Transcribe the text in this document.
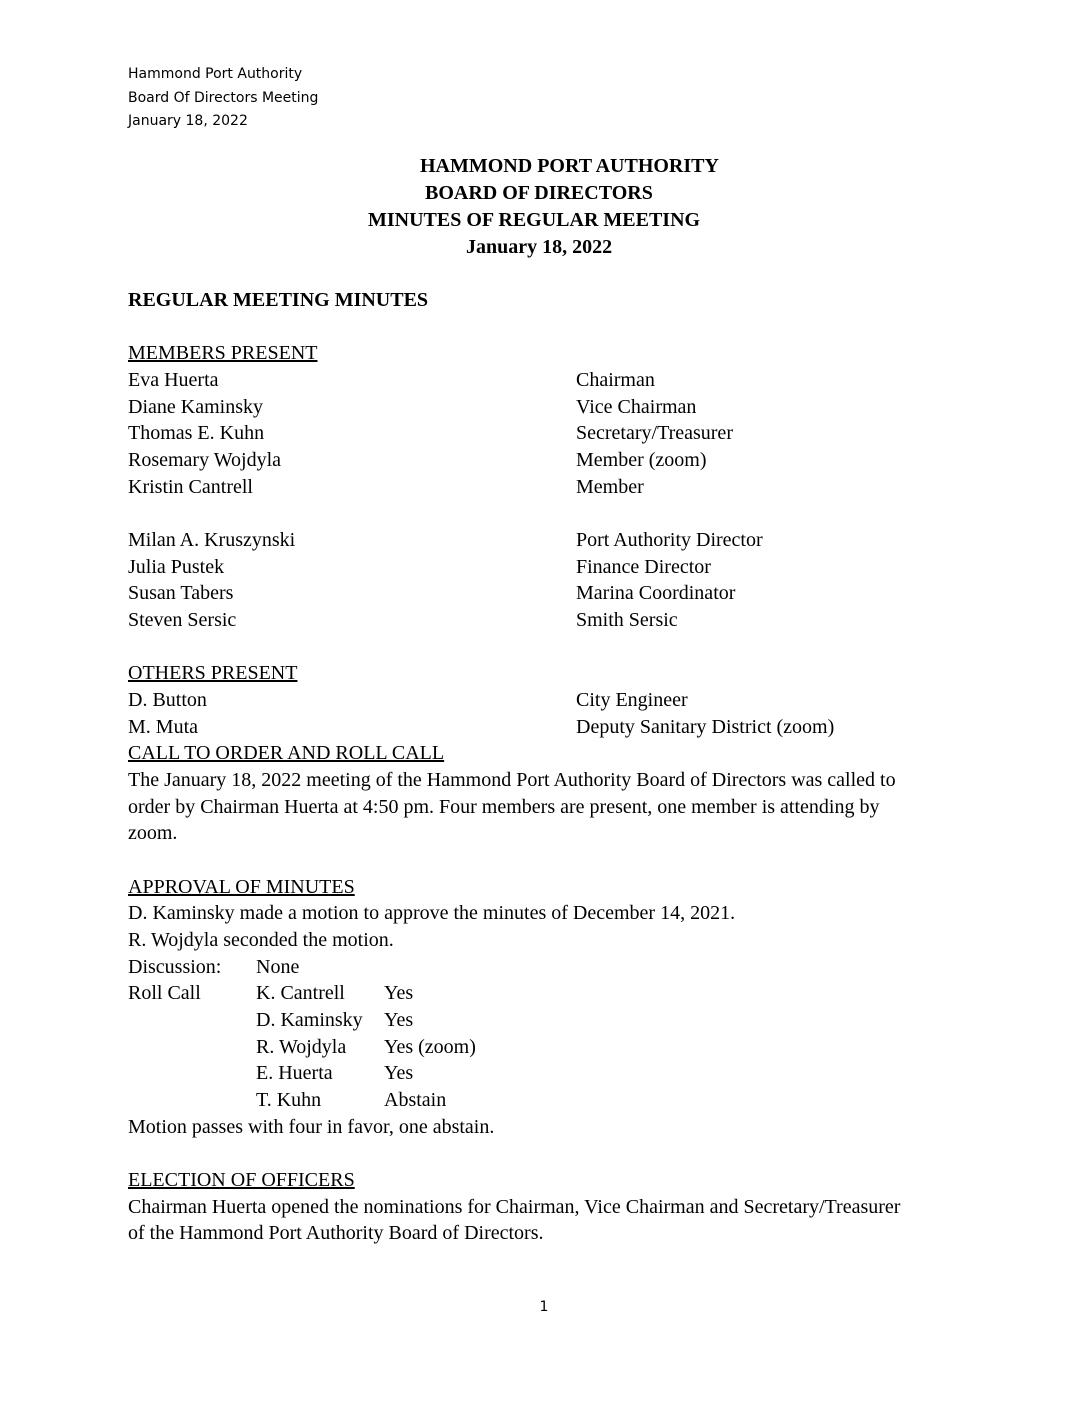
Hammond Port Authority
Board Of Directors Meeting
January 18, 2022
HAMMOND PORT AUTHORITY
BOARD OF DIRECTORS
MINUTES OF REGULAR MEETING
January 18, 2022
REGULAR MEETING MINUTES
MEMBERS PRESENT
Eva Huerta	Chairman
Diane Kaminsky	Vice Chairman
Thomas E. Kuhn	Secretary/Treasurer
Rosemary Wojdyla	Member (zoom)
Kristin Cantrell	Member
Milan A. Kruszynski	Port Authority Director
Julia Pustek	Finance Director
Susan Tabers	Marina Coordinator
Steven Sersic	Smith Sersic
OTHERS PRESENT
D. Button	City Engineer
M. Muta	Deputy Sanitary District (zoom)
CALL TO ORDER AND ROLL CALL
The January 18, 2022 meeting of the Hammond Port Authority Board of Directors was called to
order by Chairman Huerta at 4:50 pm. Four members are present, one member is attending by
zoom.
APPROVAL OF MINUTES
D. Kaminsky made a motion to approve the minutes of December 14, 2021.
R. Wojdyla seconded the motion.
Discussion: None
Roll Call	K. Cantrell Yes
D. Kaminsky Yes
R. Wojdyla Yes (zoom)
E. Huerta	Yes
T. Kuhn	Abstain
Motion passes with four in favor, one abstain.
ELECTION OF OFFICERS
Chairman Huerta opened the nominations for Chairman, Vice Chairman and Secretary/Treasurer
of the Hammond Port Authority Board of Directors.
1
